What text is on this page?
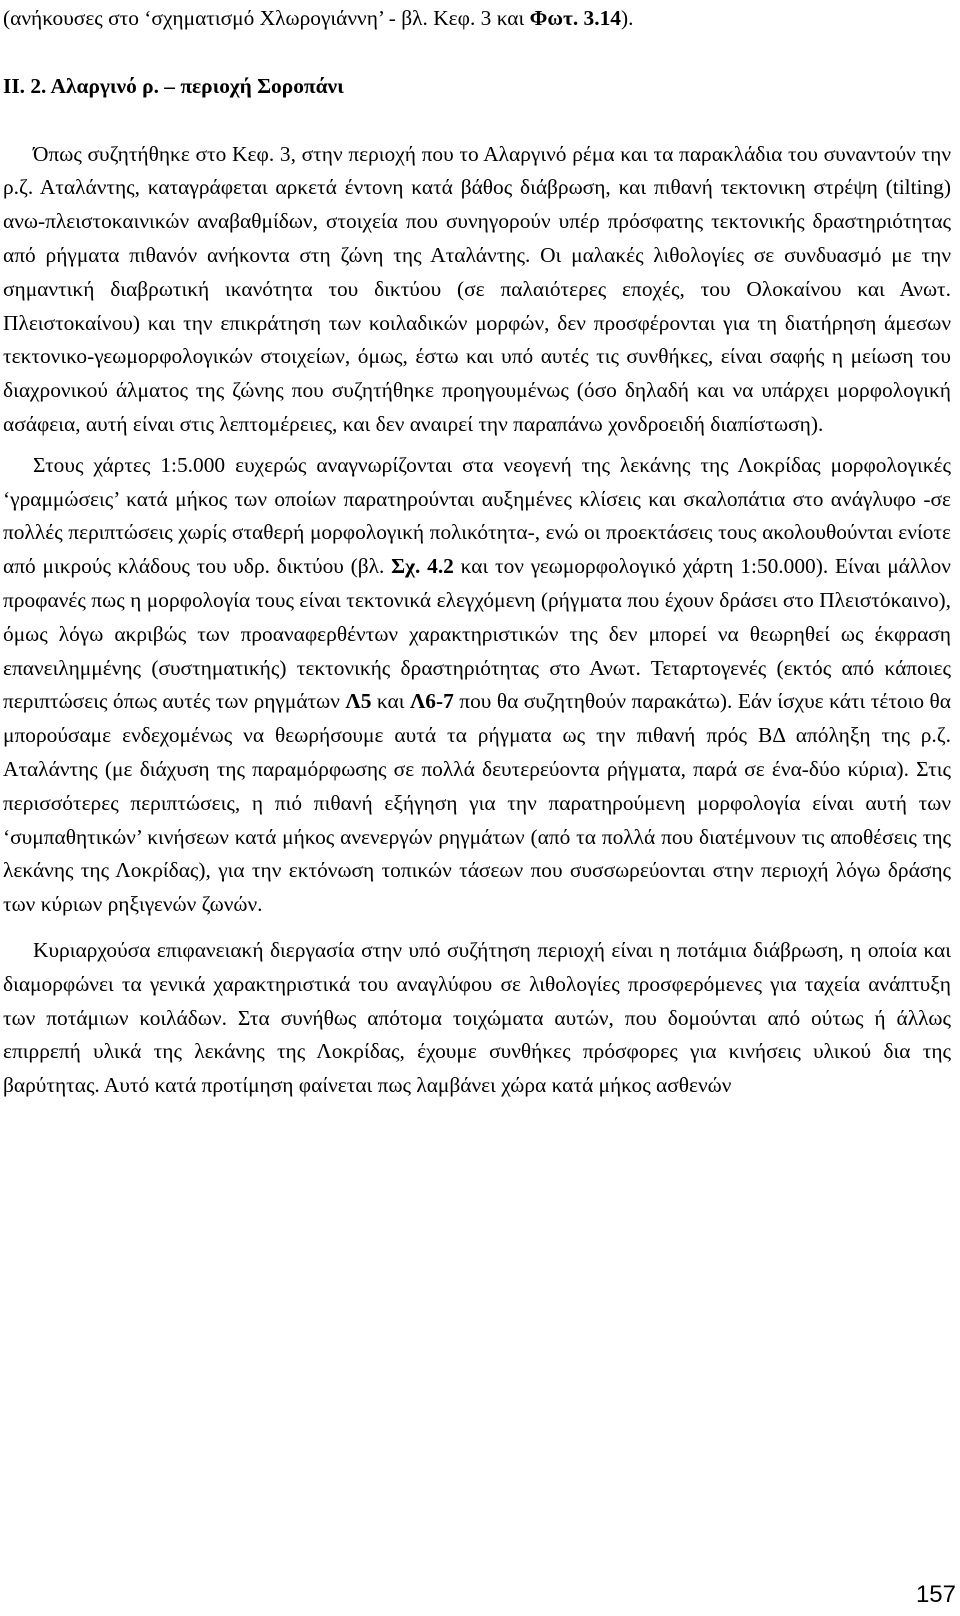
(ανήκουσες στο ‘σχηματισμό Χλωρογιάννη’ - βλ. Κεφ. 3 και Φωτ. 3.14).

ΙΙ. 2. Αλαργινό ρ. – περιοχή Σοροπάνι

Όπως συζητήθηκε στο Κεφ. 3, στην περιοχή που το Αλαργινό ρέμα και τα παρακλάδια του συναντούν την ρ.ζ. Αταλάντης, καταγράφεται αρκετά έντονη κατά βάθος διάβρωση, και πιθανή τεκτονικη στρέψη (tilting) ανω-πλειστοκαινικών αναβαθμίδων, στοιχεία που συνηγορούν υπέρ πρόσφατης τεκτονικής δραστηριότητας από ρήγματα πιθανόν ανήκοντα στη ζώνη της Αταλάντης. Οι μαλακές λιθολογίες σε συνδυασμό με την σημαντική διαβρωτική ικανότητα του δικτύου (σε παλαιότερες εποχές, του Ολοκαίνου και Ανωτ. Πλειστοκαίνου) και την επικράτηση των κοιλαδικών μορφών, δεν προσφέρονται για τη διατήρηση άμεσων τεκτονικο-γεωμορφολογικών στοιχείων, όμως, έστω και υπό αυτές τις συνθήκες, είναι σαφής η μείωση του διαχρονικού άλματος της ζώνης που συζητήθηκε προηγουμένως (όσο δηλαδή και να υπάρχει μορφολογική ασάφεια, αυτή είναι στις λεπτομέρειες, και δεν αναιρεί την παραπάνω χονδροειδή διαπίστωση).

Στους χάρτες 1:5.000 ευχερώς αναγνωρίζονται στα νεογενή της λεκάνης της Λοκρίδας μορφολογικές ‘γραμμώσεις’ κατά μήκος των οποίων παρατηρούνται αυξημένες κλίσεις και σκαλοπάτια στο ανάγλυφο -σε πολλές περιπτώσεις χωρίς σταθερή μορφολογική πολικότητα-, ενώ οι προεκτάσεις τους ακολουθούνται ενίοτε από μικρούς κλάδους του υδρ. δικτύου (βλ. Σχ. 4.2 και τον γεωμορφολογικό χάρτη 1:50.000). Είναι μάλλον προφανές πως η μορφολογία τους είναι τεκτονικά ελεγχόμενη (ρήγματα που έχουν δράσει στο Πλειστόκαινο), όμως λόγω ακριβώς των προαναφερθέντων χαρακτηριστικών της δεν μπορεί να θεωρηθεί ως έκφραση επανειλημμένης (συστηματικής) τεκτονικής δραστηριότητας στο Ανωτ. Τεταρτογενές (εκτός από κάποιες περιπτώσεις όπως αυτές των ρηγμάτων Λ5 και Λ6-7 που θα συζητηθούν παρακάτω). Εάν ίσχυε κάτι τέτοιο θα μπορούσαμε ενδεχομένως να θεωρήσουμε αυτά τα ρήγματα ως την πιθανή πρός ΒΔ απόληξη της ρ.ζ. Αταλάντης (με διάχυση της παραμόρφωσης σε πολλά δευτερεύοντα ρήγματα, παρά σε ένα-δύο κύρια). Στις περισσότερες περιπτώσεις, η πιό πιθανή εξήγηση για την παρατηρούμενη μορφολογία είναι αυτή των ‘συμπαθητικών’ κινήσεων κατά μήκος ανενεργών ρηγμάτων (από τα πολλά που διατέμνουν τις αποθέσεις της λεκάνης της Λοκρίδας), για την εκτόνωση τοπικών τάσεων που συσσωρεύονται στην περιοχή λόγω δράσης των κύριων ρηξιγενών ζωνών.

Κυριαρχούσα επιφανειακή διεργασία στην υπό συζήτηση περιοχή είναι η ποτάμια διάβρωση, η οποία και διαμορφώνει τα γενικά χαρακτηριστικά του αναγλύφου σε λιθολογίες προσφερόμενες για ταχεία ανάπτυξη των ποτάμιων κοιλάδων. Στα συνήθως απότομα τοιχώματα αυτών, που δομούνται από ούτως ή άλλως επιρρεπή υλικά της λεκάνης της Λοκρίδας, έχουμε συνθήκες πρόσφορες για κινήσεις υλικού δια της βαρύτητας. Αυτό κατά προτίμηση φαίνεται πως λαμβάνει χώρα κατά μήκος ασθενών

157
